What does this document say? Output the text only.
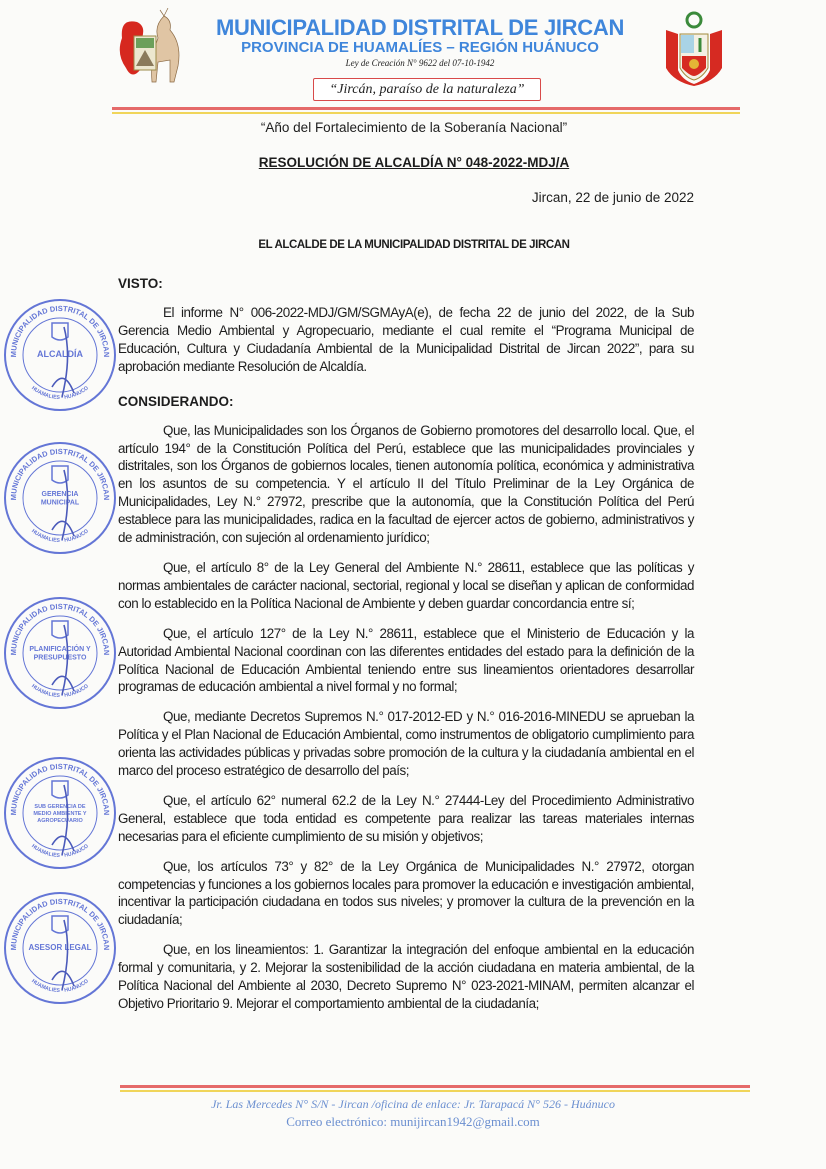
MUNICIPALIDAD DISTRITAL DE JIRCAN
PROVINCIA DE HUAMALÍES – REGIÓN HUÁNUCO
Ley de Creación N° 9622 del 07-10-1942
“Jircán, paraíso de la naturaleza”
“Año del Fortalecimiento de la Soberanía Nacional”
RESOLUCIÓN DE ALCALDÍA N° 048-2022-MDJ/A
Jircan, 22 de junio de 2022
EL ALCALDE DE LA MUNICIPALIDAD DISTRITAL DE JIRCAN
VISTO:
El informe N° 006-2022-MDJ/GM/SGMAyA(e), de fecha 22 de junio del 2022, de la Sub Gerencia Medio Ambiental y Agropecuario, mediante el cual remite el “Programa Municipal de Educación, Cultura y Ciudadanía Ambiental de la Municipalidad Distrital de Jircan 2022”, para su aprobación mediante Resolución de Alcaldía.
CONSIDERANDO:
Que, las Municipalidades son los Órganos de Gobierno promotores del desarrollo local. Que, el artículo 194° de la Constitución Política del Perú, establece que las municipalidades provinciales y distritales, son los Órganos de gobiernos locales, tienen autonomía política, económica y administrativa en los asuntos de su competencia. Y el artículo II del Título Preliminar de la Ley Orgánica de Municipalidades, Ley N.° 27972, prescribe que la autonomía, que la Constitución Política del Perú establece para las municipalidades, radica en la facultad de ejercer actos de gobierno, administrativos y de administración, con sujeción al ordenamiento jurídico;
Que, el artículo 8° de la Ley General del Ambiente N.° 28611, establece que las políticas y normas ambientales de carácter nacional, sectorial, regional y local se diseñan y aplican de conformidad con lo establecido en la Política Nacional de Ambiente y deben guardar concordancia entre sí;
Que, el artículo 127° de la Ley N.° 28611, establece que el Ministerio de Educación y la Autoridad Ambiental Nacional coordinan con las diferentes entidades del estado para la definición de la Política Nacional de Educación Ambiental teniendo entre sus lineamientos orientadores desarrollar programas de educación ambiental a nivel formal y no formal;
Que, mediante Decretos Supremos N.° 017-2012-ED y N.° 016-2016-MINEDU se aprueban la Política y el Plan Nacional de Educación Ambiental, como instrumentos de obligatorio cumplimiento para orienta las actividades públicas y privadas sobre promoción de la cultura y la ciudadanía ambiental en el marco del proceso estratégico de desarrollo del país;
Que, el artículo 62° numeral 62.2 de la Ley N.° 27444-Ley del Procedimiento Administrativo General, establece que toda entidad es competente para realizar las tareas materiales internas necesarias para el eficiente cumplimiento de su misión y objetivos;
Que, los artículos 73° y 82° de la Ley Orgánica de Municipalidades N.° 27972, otorgan competencias y funciones a los gobiernos locales para promover la educación e investigación ambiental, incentivar la participación ciudadana en todos sus niveles; y promover la cultura de la prevención en la ciudadanía;
Que, en los lineamientos: 1. Garantizar la integración del enfoque ambiental en la educación formal y comunitaria, y 2. Mejorar la sostenibilidad de la acción ciudadana en materia ambiental, de la Política Nacional del Ambiente al 2030, Decreto Supremo N° 023-2021-MINAM, permiten alcanzar el Objetivo Prioritario 9. Mejorar el comportamiento ambiental de la ciudadanía;
MUNICIPALIDAD DISTRITAL DE JIRCAN
HUAMALIES - HUANUCO
ALCALDÍA
MUNICIPALIDAD DISTRITAL DE JIRCAN
HUAMALIES - HUANUCO
GERENCIA
MUNICIPAL
MUNICIPALIDAD DISTRITAL DE JIRCAN
HUAMALIES - HUANUCO
PLANIFICACIÓN Y
PRESUPUESTO
MUNICIPALIDAD DISTRITAL DE JIRCAN
HUAMALIES - HUANUCO
SUB GERENCIA DE
MEDIO AMBIENTE Y
AGROPECUARIO
MUNICIPALIDAD DISTRITAL DE JIRCAN
HUAMALIES - HUANUCO
ASESOR LEGAL
Jr. Las Mercedes N° S/N - Jircan /oficina de enlace: Jr. Tarapacá N° 526 - Huánuco
Correo electrónico: munijircan1942@gmail.com
